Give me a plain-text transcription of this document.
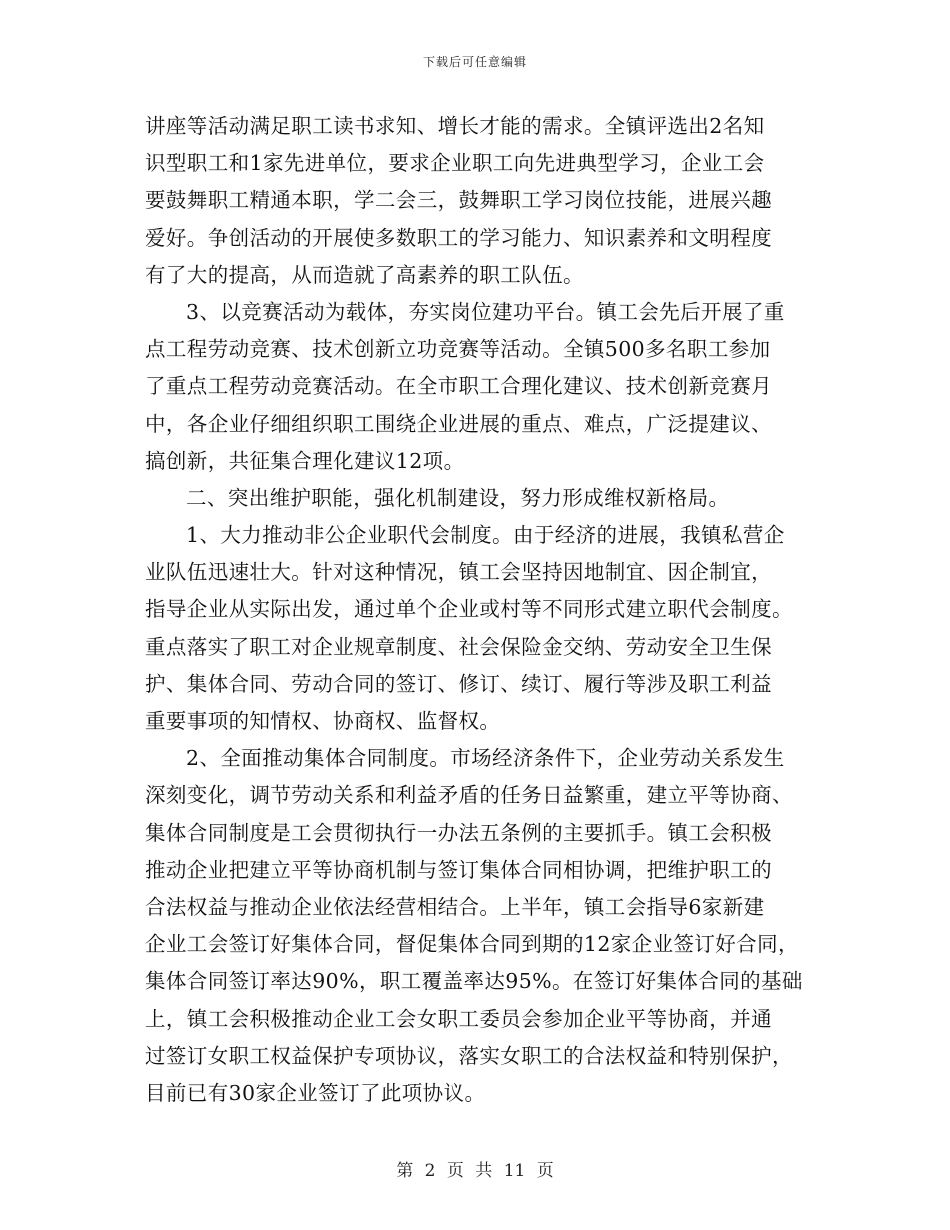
下载后可任意编辑
讲座等活动满足职工读书求知、增长才能的需求。全镇评选出2名知
识型职工和1家先进单位，要求企业职工向先进典型学习，企业工会
要鼓舞职工精通本职，学二会三，鼓舞职工学习岗位技能，进展兴趣
爱好。争创活动的开展使多数职工的学习能力、知识素养和文明程度
有了大的提高，从而造就了高素养的职工队伍。
3、以竞赛活动为载体，夯实岗位建功平台。镇工会先后开展了重
点工程劳动竞赛、技术创新立功竞赛等活动。全镇500多名职工参加
了重点工程劳动竞赛活动。在全市职工合理化建议、技术创新竞赛月
中，各企业仔细组织职工围绕企业进展的重点、难点，广泛提建议、
搞创新，共征集合理化建议12项。
二、突出维护职能，强化机制建设，努力形成维权新格局。
1、大力推动非公企业职代会制度。由于经济的进展，我镇私营企
业队伍迅速壮大。针对这种情况，镇工会坚持因地制宜、因企制宜，
指导企业从实际出发，通过单个企业或村等不同形式建立职代会制度。
重点落实了职工对企业规章制度、社会保险金交纳、劳动安全卫生保
护、集体合同、劳动合同的签订、修订、续订、履行等涉及职工利益
重要事项的知情权、协商权、监督权。
2、全面推动集体合同制度。市场经济条件下，企业劳动关系发生
深刻变化，调节劳动关系和利益矛盾的任务日益繁重，建立平等协商、
集体合同制度是工会贯彻执行一办法五条例的主要抓手。镇工会积极
推动企业把建立平等协商机制与签订集体合同相协调，把维护职工的
合法权益与推动企业依法经营相结合。上半年，镇工会指导6家新建
企业工会签订好集体合同，督促集体合同到期的12家企业签订好合同，
集体合同签订率达90%，职工覆盖率达95%。在签订好集体合同的基础
上，镇工会积极推动企业工会女职工委员会参加企业平等协商，并通
过签订女职工权益保护专项协议，落实女职工的合法权益和特别保护，
目前已有30家企业签订了此项协议。
第 2 页 共 11 页
